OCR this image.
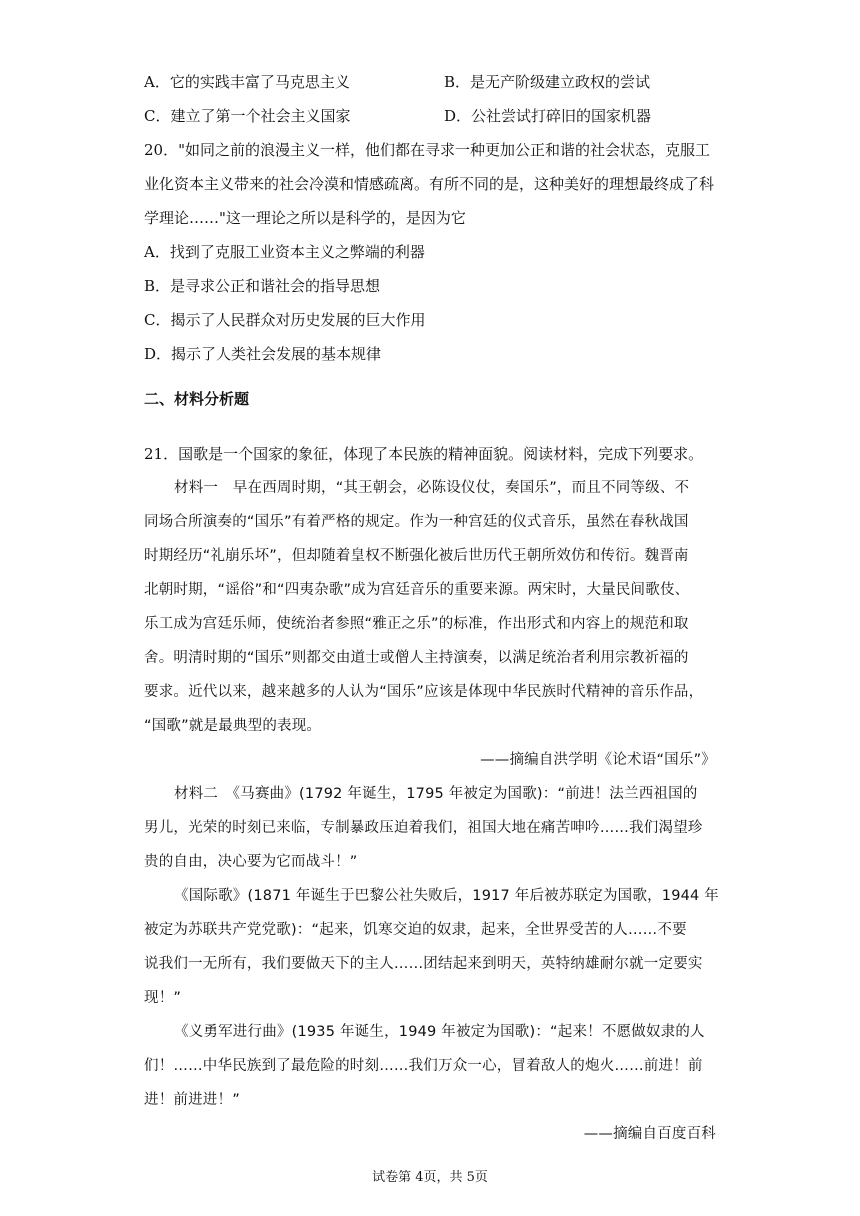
A．它的实践丰富了马克思主义	B．是无产阶级建立政权的尝试
C．建立了第一个社会主义国家	D．公社尝试打碎旧的国家机器
20．"如同之前的浪漫主义一样，他们都在寻求一种更加公正和谐的社会状态，克服工
业化资本主义带来的社会冷漠和情感疏离。有所不同的是，这种美好的理想最终成了科
学理论……"这一理论之所以是科学的，是因为它
A．找到了克服工业资本主义之弊端的利器
B．是寻求公正和谐社会的指导思想
C．揭示了人民群众对历史发展的巨大作用
D．揭示了人类社会发展的基本规律
二、材料分析题
21．国歌是一个国家的象征，体现了本民族的精神面貌。阅读材料，完成下列要求。
材料一　早在西周时期，“其王朝会，必陈设仪仗，奏国乐”，而且不同等级、不
同场合所演奏的“国乐”有着严格的规定。作为一种宫廷的仪式音乐，虽然在春秋战国
时期经历“礼崩乐坏”，但却随着皇权不断强化被后世历代王朝所效仿和传衍。魏晋南
北朝时期，“谣俗”和“四夷杂歌”成为宫廷音乐的重要来源。两宋时，大量民间歌伎、
乐工成为宫廷乐师，使统治者参照“雅正之乐”的标准，作出形式和内容上的规范和取
舍。明清时期的“国乐”则都交由道士或僧人主持演奏，以满足统治者利用宗教祈福的
要求。近代以来，越来越多的人认为“国乐”应该是体现中华民族时代精神的音乐作品，
“国歌”就是最典型的表现。
——摘编自洪学明《论术语“国乐”》
材料二　《马赛曲》(1792 年诞生，1795 年被定为国歌)：“前进！法兰西祖国的
男儿，光荣的时刻已来临，专制暴政压迫着我们，祖国大地在痛苦呻吟……我们渴望珍
贵的自由，决心要为它而战斗！”
《国际歌》(1871 年诞生于巴黎公社失败后，1917 年后被苏联定为国歌，1944 年
被定为苏联共产党党歌)：“起来，饥寒交迫的奴隶，起来，全世界受苦的人……不要
说我们一无所有，我们要做天下的主人……团结起来到明天，英特纳雄耐尔就一定要实
现！”
《义勇军进行曲》(1935 年诞生，1949 年被定为国歌)：“起来！不愿做奴隶的人
们！……中华民族到了最危险的时刻……我们万众一心，冒着敌人的炮火……前进！前
进！前进进！”
——摘编自百度百科
试卷第 4页，共 5页
